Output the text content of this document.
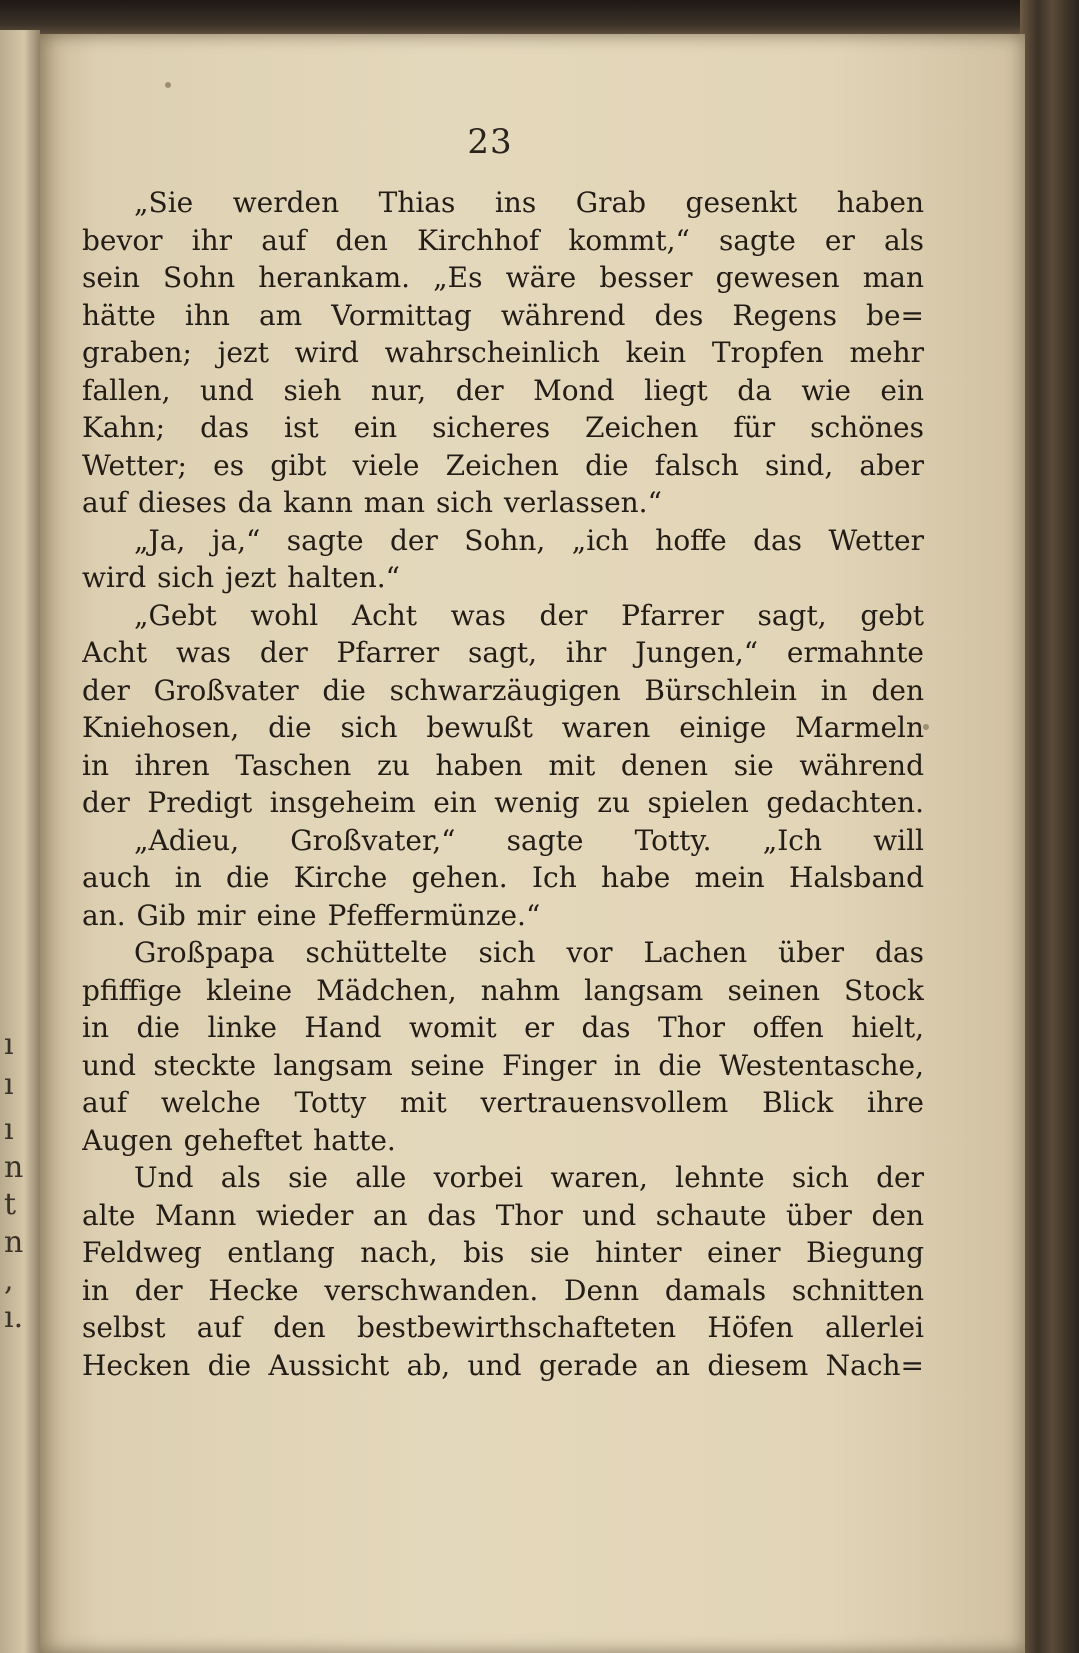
ı
ı
ı
n
t
n
,
ı.
23
„Sie werden Thias ins Grab gesenkt haben
bevor ihr auf den Kirchhof kommt,“ sagte er als
sein Sohn herankam. „Es wäre besser gewesen man
hätte ihn am Vormittag während des Regens be=
graben; jezt wird wahrscheinlich kein Tropfen mehr
fallen, und sieh nur, der Mond liegt da wie ein
Kahn; das ist ein sicheres Zeichen für schönes
Wetter; es gibt viele Zeichen die falsch sind, aber
auf dieses da kann man sich verlassen.“
„Ja, ja,“ sagte der Sohn, „ich hoffe das Wetter
wird sich jezt halten.“
„Gebt wohl Acht was der Pfarrer sagt, gebt
Acht was der Pfarrer sagt, ihr Jungen,“ ermahnte
der Großvater die schwarzäugigen Bürschlein in den
Kniehosen, die sich bewußt waren einige Marmeln
in ihren Taschen zu haben mit denen sie während
der Predigt insgeheim ein wenig zu spielen gedachten.
„Adieu, Großvater,“ sagte Totty. „Ich will
auch in die Kirche gehen. Ich habe mein Halsband
an. Gib mir eine Pfeffermünze.“
Großpapa schüttelte sich vor Lachen über das
pfiffige kleine Mädchen, nahm langsam seinen Stock
in die linke Hand womit er das Thor offen hielt,
und steckte langsam seine Finger in die Westentasche,
auf welche Totty mit vertrauensvollem Blick ihre
Augen geheftet hatte.
Und als sie alle vorbei waren, lehnte sich der
alte Mann wieder an das Thor und schaute über den
Feldweg entlang nach, bis sie hinter einer Biegung
in der Hecke verschwanden. Denn damals schnitten
selbst auf den bestbewirthschafteten Höfen allerlei
Hecken die Aussicht ab, und gerade an diesem Nach=
